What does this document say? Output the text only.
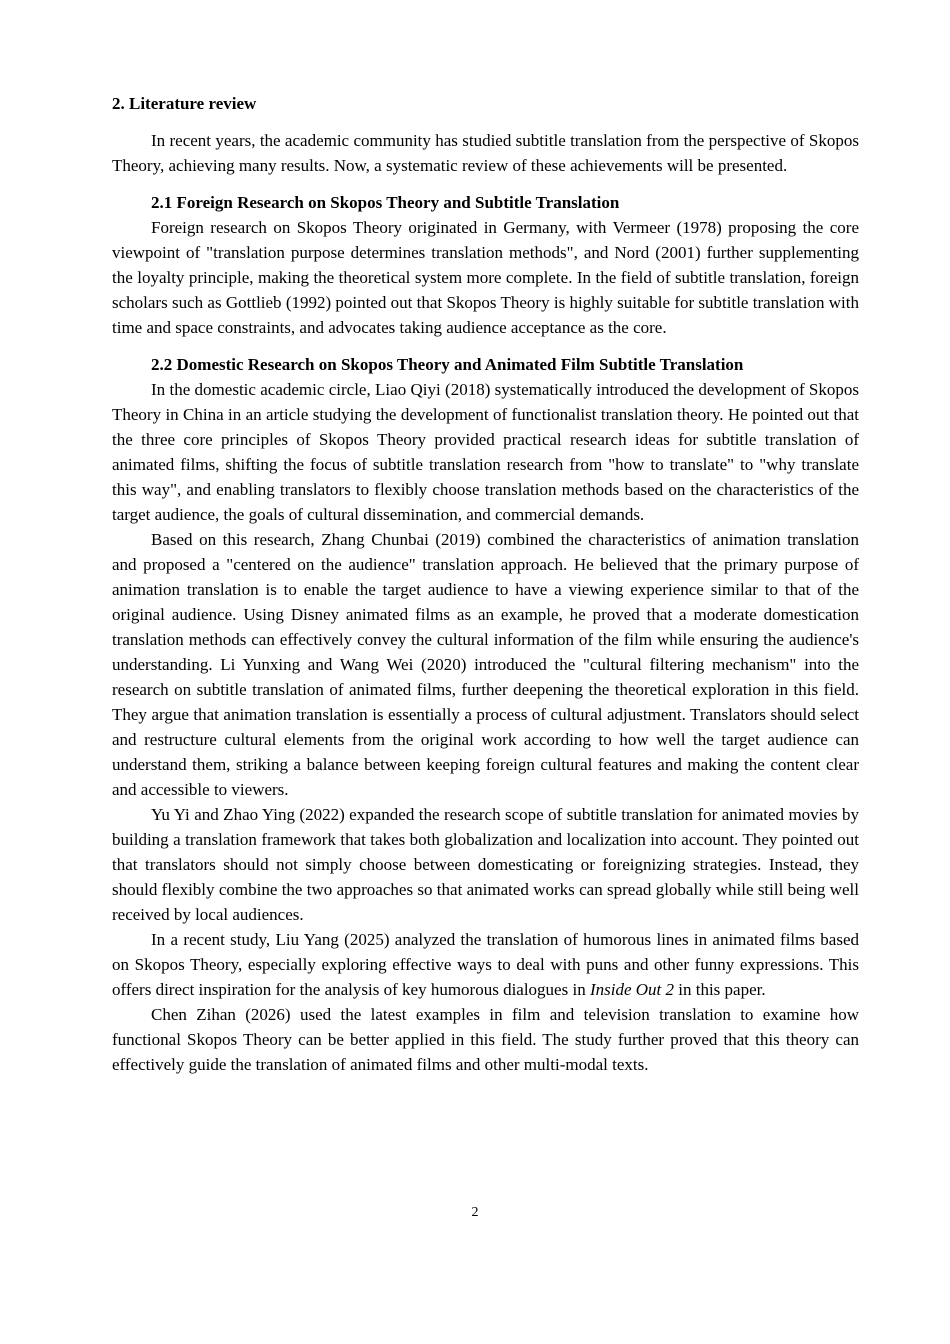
2. Literature review

In recent years, the academic community has studied subtitle translation from the perspective of Skopos Theory, achieving many results. Now, a systematic review of these achievements will be presented.

2.1 Foreign Research on Skopos Theory and Subtitle Translation

Foreign research on Skopos Theory originated in Germany, with Vermeer (1978) proposing the core viewpoint of "translation purpose determines translation methods", and Nord (2001) further supplementing the loyalty principle, making the theoretical system more complete. In the field of subtitle translation, foreign scholars such as Gottlieb (1992) pointed out that Skopos Theory is highly suitable for subtitle translation with time and space constraints, and advocates taking audience acceptance as the core.

2.2 Domestic Research on Skopos Theory and Animated Film Subtitle Translation

In the domestic academic circle, Liao Qiyi (2018) systematically introduced the development of Skopos Theory in China in an article studying the development of functionalist translation theory. He pointed out that the three core principles of Skopos Theory provided practical research ideas for subtitle translation of animated films, shifting the focus of subtitle translation research from "how to translate" to "why translate this way", and enabling translators to flexibly choose translation methods based on the characteristics of the target audience, the goals of cultural dissemination, and commercial demands.

Based on this research, Zhang Chunbai (2019) combined the characteristics of animation translation and proposed a "centered on the audience" translation approach. He believed that the primary purpose of animation translation is to enable the target audience to have a viewing experience similar to that of the original audience. Using Disney animated films as an example, he proved that a moderate domestication translation methods can effectively convey the cultural information of the film while ensuring the audience's understanding. Li Yunxing and Wang Wei (2020) introduced the "cultural filtering mechanism" into the research on subtitle translation of animated films, further deepening the theoretical exploration in this field. They argue that animation translation is essentially a process of cultural adjustment. Translators should select and restructure cultural elements from the original work according to how well the target audience can understand them, striking a balance between keeping foreign cultural features and making the content clear and accessible to viewers.

Yu Yi and Zhao Ying (2022) expanded the research scope of subtitle translation for animated movies by building a translation framework that takes both globalization and localization into account. They pointed out that translators should not simply choose between domesticating or foreignizing strategies. Instead, they should flexibly combine the two approaches so that animated works can spread globally while still being well received by local audiences.

In a recent study, Liu Yang (2025) analyzed the translation of humorous lines in animated films based on Skopos Theory, especially exploring effective ways to deal with puns and other funny expressions. This offers direct inspiration for the analysis of key humorous dialogues in Inside Out 2 in this paper.

Chen Zihan (2026) used the latest examples in film and television translation to examine how functional Skopos Theory can be better applied in this field. The study further proved that this theory can effectively guide the translation of animated films and other multi-modal texts.

2
